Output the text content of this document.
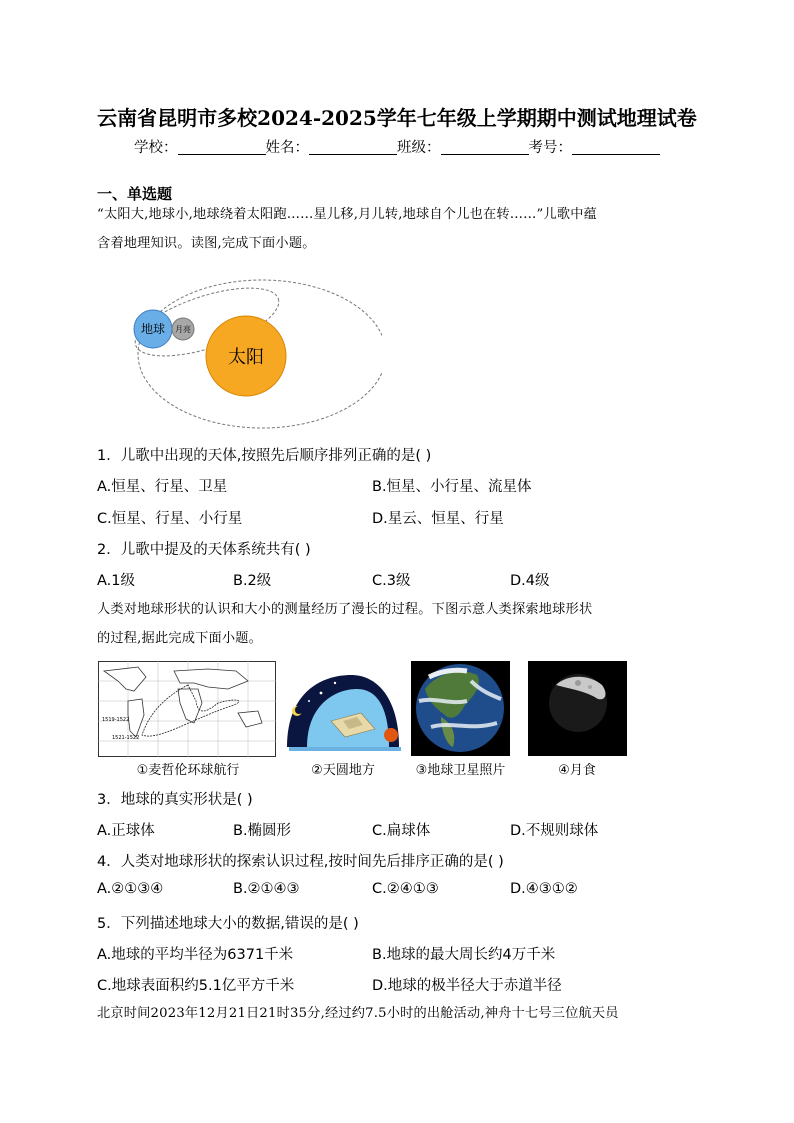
云南省昆明市多校2024-2025学年七年级上学期期中测试地理试卷
学校：	姓名：	班级：	考号：
一、单选题
“太阳大,地球小,地球绕着太阳跑……星儿移,月儿转,地球自个儿也在转……”儿歌中蕴
含着地理知识。读图,完成下面小题。
地球 月亮
太阳
1．儿歌中出现的天体,按照先后顺序排列正确的是( )
A.恒星、行星、卫星	B.恒星、小行星、流星体
C.恒星、行星、小行星	D.星云、恒星、行星
2．儿歌中提及的天体系统共有( )
A.1级	B.2级	C.3级	D.4级
人类对地球形状的认识和大小的测量经历了漫长的过程。下图示意人类探索地球形状
的过程,据此完成下面小题。
1519-1522
1521-1522
①麦哲伦环球航行	②天圆地方	③地球卫星照片	④月食
3．地球的真实形状是( )
A.正球体	B.椭圆形	C.扁球体	D.不规则球体
4．人类对地球形状的探索认识过程,按时间先后排序正确的是( )
A.②①③④	B.②①④③	C.②④①③	D.④③①②
5．下列描述地球大小的数据,错误的是( )
A.地球的平均半径为6371千米	B.地球的最大周长约4万千米
C.地球表面积约5.1亿平方千米	D.地球的极半径大于赤道半径
北京时间2023年12月21日21时35分,经过约7.5小时的出舱活动,神舟十七号三位航天员
